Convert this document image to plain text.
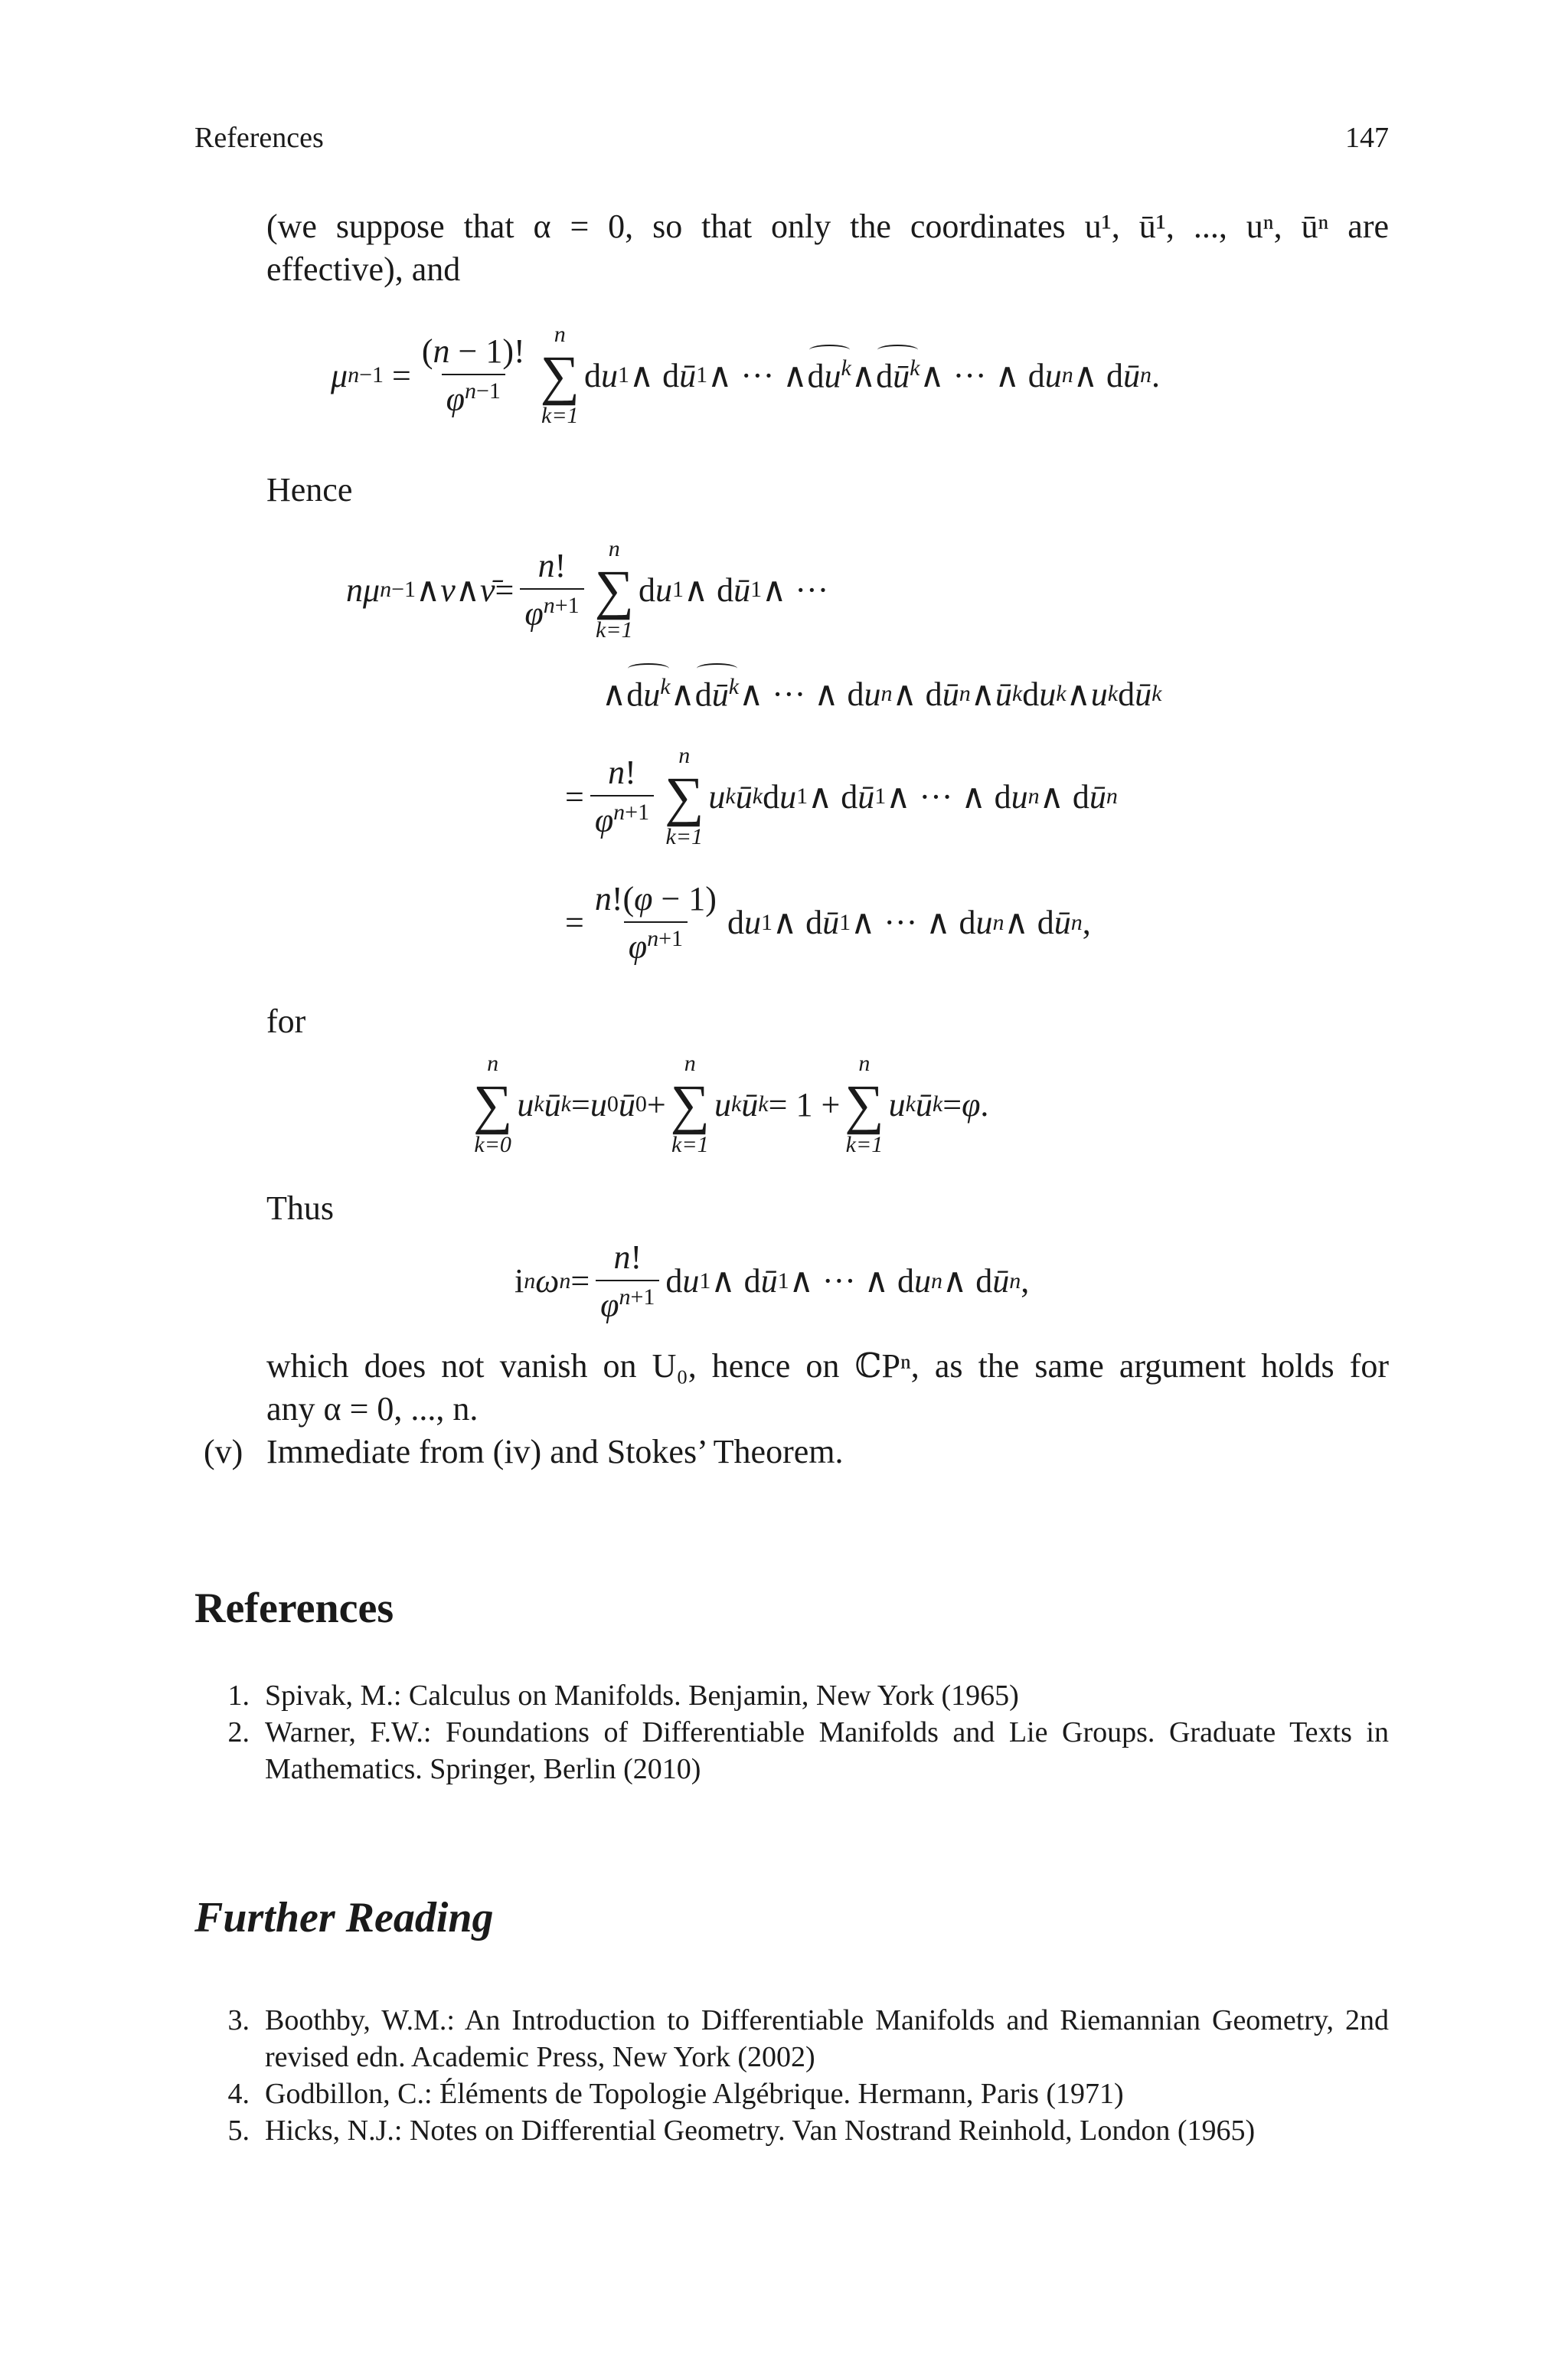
References	147
(we suppose that α = 0, so that only the coordinates u¹, ū¹, ..., uⁿ, ūⁿ are
effective), and
μ $n-1 = \frac{(n - 1)!}{\varphi^{n-1}}$ n
∑
k=1
d u 1 ∧ d ū 1 ∧ ··· ∧ $du^k$ ∧ $dū^k$ ∧ ··· ∧ d u n ∧ d ū n .
Hence
nμ n−1 ∧ ν ∧ ν̄ = $\frac{n!}{\varphi^{n+1}}$ n
∑
k=1
d u 1 ∧ d ū 1 ∧ ···
∧ $du^k$ ∧ $dū^k$ ∧ ··· ∧ d u n ∧ d ū n ∧ ū k d u k ∧ u k d ū k
= $\frac{n!}{\varphi^{n+1}}$ n
∑
k=1
u k ū k d u 1 ∧ d ū 1 ∧ ··· ∧ d u n ∧ d ū n
= $\frac{n!(\varphi - 1)}{\varphi^{n+1}}$ d u 1 ∧ d ū 1 ∧ ··· ∧ d u n ∧ d ū n ,
for
n
∑
k=0
u k ū k = u 0 ū 0 +
n
∑
k=1
u k ū k = 1 +
n
∑
k=1
u k ū k = φ .
Thus
i n ω $n = \frac{n!}{\varphi^{n+1}}$ d u 1 ∧ d ū 1 ∧ ··· ∧ d u n ∧ d ū n ,
which does not vanish on U₀, hence on ℂPⁿ, as the same argument holds for
any α = 0, ..., n.
(v) Immediate from (iv) and Stokes’ Theorem.
References
1. Spivak, M.: Calculus on Manifolds. Benjamin, New York (1965)
2. Warner, F.W.: Foundations of Differentiable Manifolds and Lie Groups. Graduate Texts in Mathematics. Springer, Berlin (2010)
Further Reading
3. Boothby, W.M.: An Introduction to Differentiable Manifolds and Riemannian Geometry, 2nd revised edn. Academic Press, New York (2002)
4. Godbillon, C.: Éléments de Topologie Algébrique. Hermann, Paris (1971)
5. Hicks, N.J.: Notes on Differential Geometry. Van Nostrand Reinhold, London (1965)
